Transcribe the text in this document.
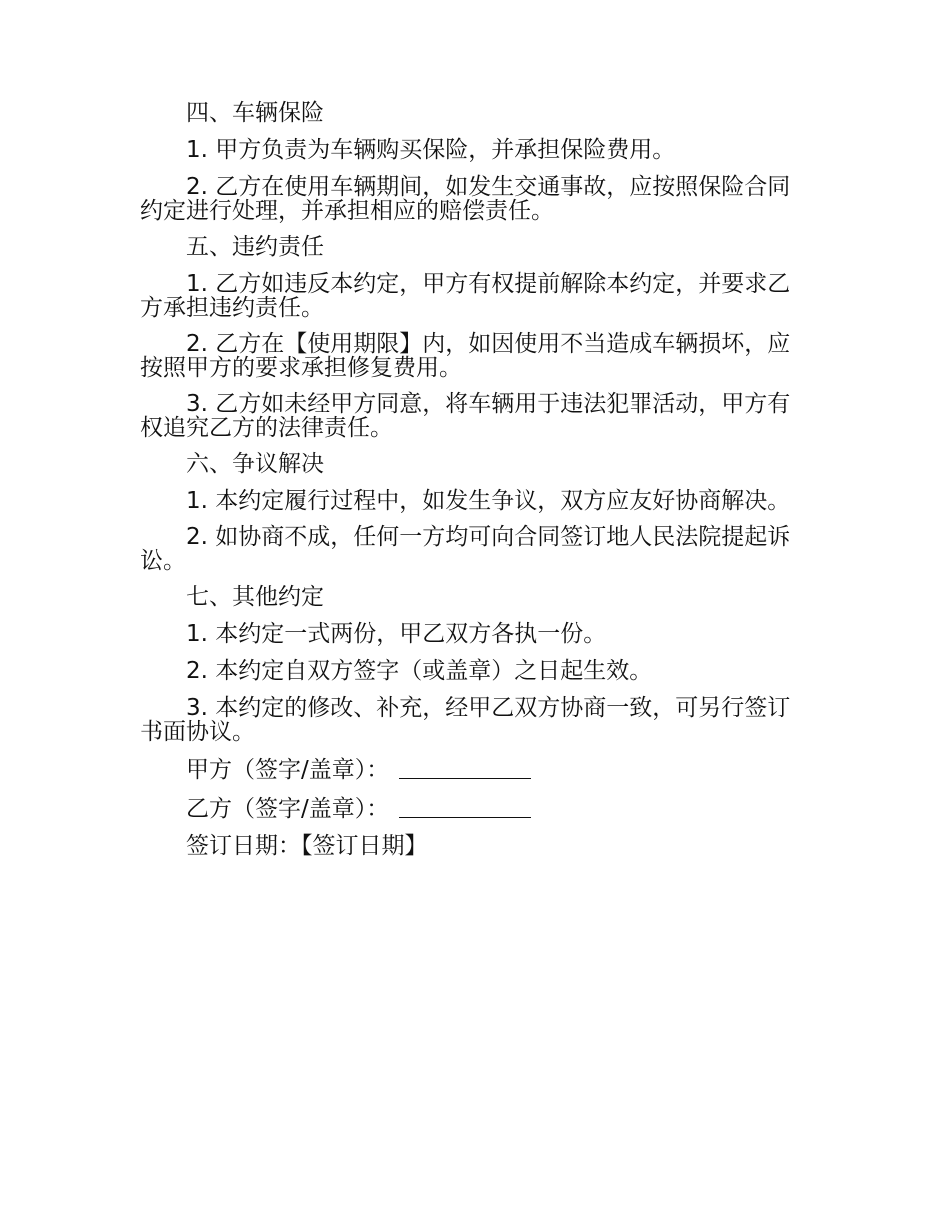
四、车辆保险

1. 甲方负责为车辆购买保险，并承担保险费用。

2. 乙方在使用车辆期间，如发生交通事故，应按照保险合同约定进行处理，并承担相应的赔偿责任。

五、违约责任

1. 乙方如违反本约定，甲方有权提前解除本约定，并要求乙方承担违约责任。

2. 乙方在【使用期限】内，如因使用不当造成车辆损坏，应按照甲方的要求承担修复费用。

3. 乙方如未经甲方同意，将车辆用于违法犯罪活动，甲方有权追究乙方的法律责任。

六、争议解决

1. 本约定履行过程中，如发生争议，双方应友好协商解决。

2. 如协商不成，任何一方均可向合同签订地人民法院提起诉讼。

七、其他约定

1. 本约定一式两份，甲乙双方各执一份。

2. 本约定自双方签字（或盖章）之日起生效。

3. 本约定的修改、补充，经甲乙双方协商一致，可另行签订书面协议。

甲方（签字/盖章）：

乙方（签字/盖章）：

签订日期：【签订日期】
